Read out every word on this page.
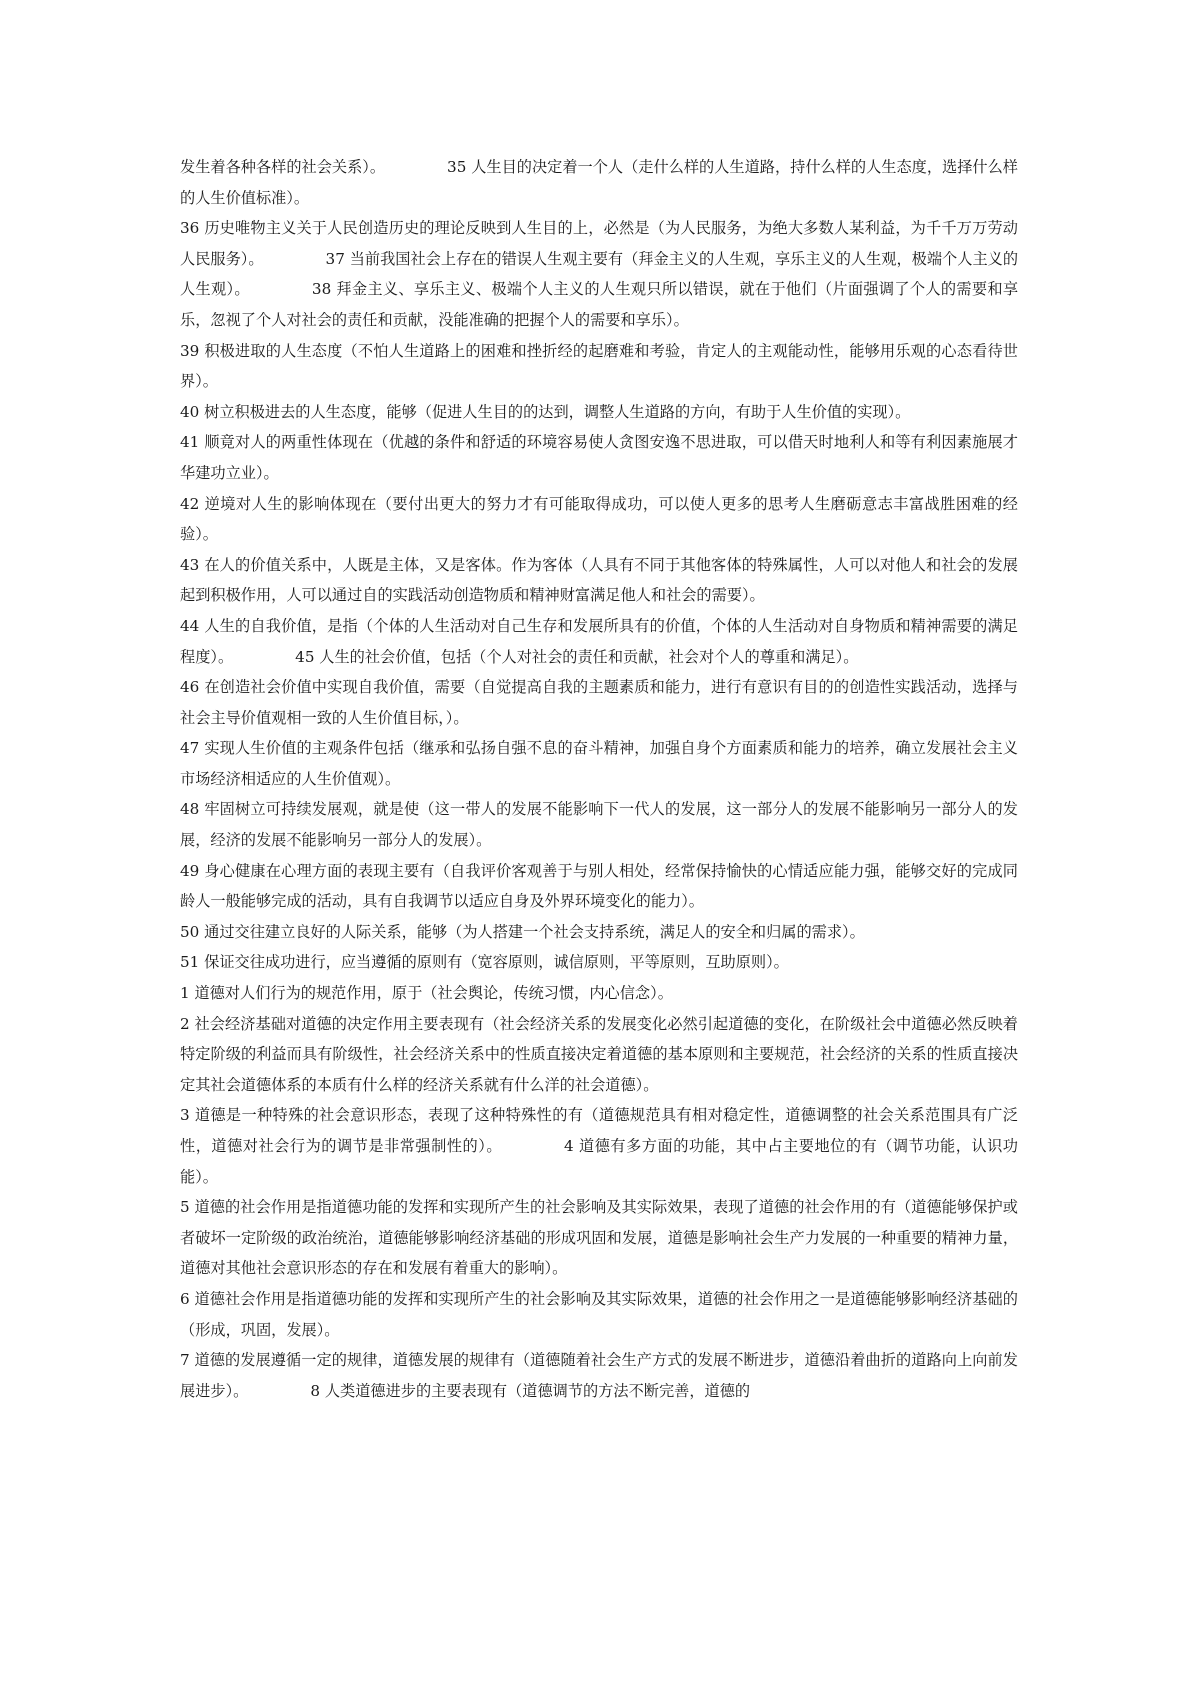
发生着各种各样的社会关系）。	35 人生目的决定着一个人（走什么样的人生道路，持什么样的人生态度，选择什么样的人生价值标准）。

36 历史唯物主义关于人民创造历史的理论反映到人生目的上，必然是（为人民服务，为绝大多数人某利益，为千千万万劳动人民服务）。	37 当前我国社会上存在的错误人生观主要有（拜金主义的人生观，享乐主义的人生观，极端个人主义的人生观）。	38 拜金主义、享乐主义、极端个人主义的人生观只所以错误，就在于他们（片面强调了个人的需要和享乐，忽视了个人对社会的责任和贡献，没能准确的把握个人的需要和享乐）。

39 积极进取的人生态度（不怕人生道路上的困难和挫折经的起磨难和考验，肯定人的主观能动性，能够用乐观的心态看待世界）。

40 树立积极进去的人生态度，能够（促进人生目的的达到，调整人生道路的方向，有助于人生价值的实现）。

41 顺竟对人的两重性体现在（优越的条件和舒适的环境容易使人贪图安逸不思进取，可以借天时地利人和等有利因素施展才华建功立业）。

42 逆境对人生的影响体现在（要付出更大的努力才有可能取得成功，可以使人更多的思考人生磨砺意志丰富战胜困难的经验）。

43 在人的价值关系中，人既是主体，又是客体。作为客体（人具有不同于其他客体的特殊属性，人可以对他人和社会的发展起到积极作用，人可以通过自的实践活动创造物质和精神财富满足他人和社会的需要）。

44 人生的自我价值，是指（个体的人生活动对自己生存和发展所具有的价值，个体的人生活动对自身物质和精神需要的满足程度）。	45 人生的社会价值，包括（个人对社会的责任和贡献，社会对个人的尊重和满足）。

46 在创造社会价值中实现自我价值，需要（自觉提高自我的主题素质和能力，进行有意识有目的的创造性实践活动，选择与社会主导价值观相一致的人生价值目标，）。

47 实现人生价值的主观条件包括（继承和弘扬自强不息的奋斗精神，加强自身个方面素质和能力的培养，确立发展社会主义市场经济相适应的人生价值观）。

48 牢固树立可持续发展观，就是使（这一带人的发展不能影响下一代人的发展，这一部分人的发展不能影响另一部分人的发展，经济的发展不能影响另一部分人的发展）。

49 身心健康在心理方面的表现主要有（自我评价客观善于与别人相处，经常保持愉快的心情适应能力强，能够交好的完成同龄人一般能够完成的活动，具有自我调节以适应自身及外界环境变化的能力）。

50 通过交往建立良好的人际关系，能够（为人搭建一个社会支持系统，满足人的安全和归属的需求）。

51 保证交往成功进行，应当遵循的原则有（宽容原则，诚信原则，平等原则，互助原则）。

1 道德对人们行为的规范作用，原于（社会舆论，传统习惯，内心信念）。

2 社会经济基础对道德的决定作用主要表现有（社会经济关系的发展变化必然引起道德的变化，在阶级社会中道德必然反映着特定阶级的利益而具有阶级性，社会经济关系中的性质直接决定着道德的基本原则和主要规范，社会经济的关系的性质直接决定其社会道德体系的本质有什么样的经济关系就有什么洋的社会道德）。

3 道德是一种特殊的社会意识形态，表现了这种特殊性的有（道德规范具有相对稳定性，道德调整的社会关系范围具有广泛性，道德对社会行为的调节是非常强制性的）。	4 道德有多方面的功能，其中占主要地位的有（调节功能，认识功能）。

5 道德的社会作用是指道德功能的发挥和实现所产生的社会影响及其实际效果，表现了道德的社会作用的有（道德能够保护或者破坏一定阶级的政治统治，道德能够影响经济基础的形成巩固和发展，道德是影响社会生产力发展的一种重要的精神力量，道德对其他社会意识形态的存在和发展有着重大的影响）。

6 道德社会作用是指道德功能的发挥和实现所产生的社会影响及其实际效果，道德的社会作用之一是道德能够影响经济基础的（形成，巩固，发展）。

7 道德的发展遵循一定的规律，道德发展的规律有（道德随着社会生产方式的发展不断进步，道德沿着曲折的道路向上向前发展进步）。	8 人类道德进步的主要表现有（道德调节的方法不断完善，道德的
